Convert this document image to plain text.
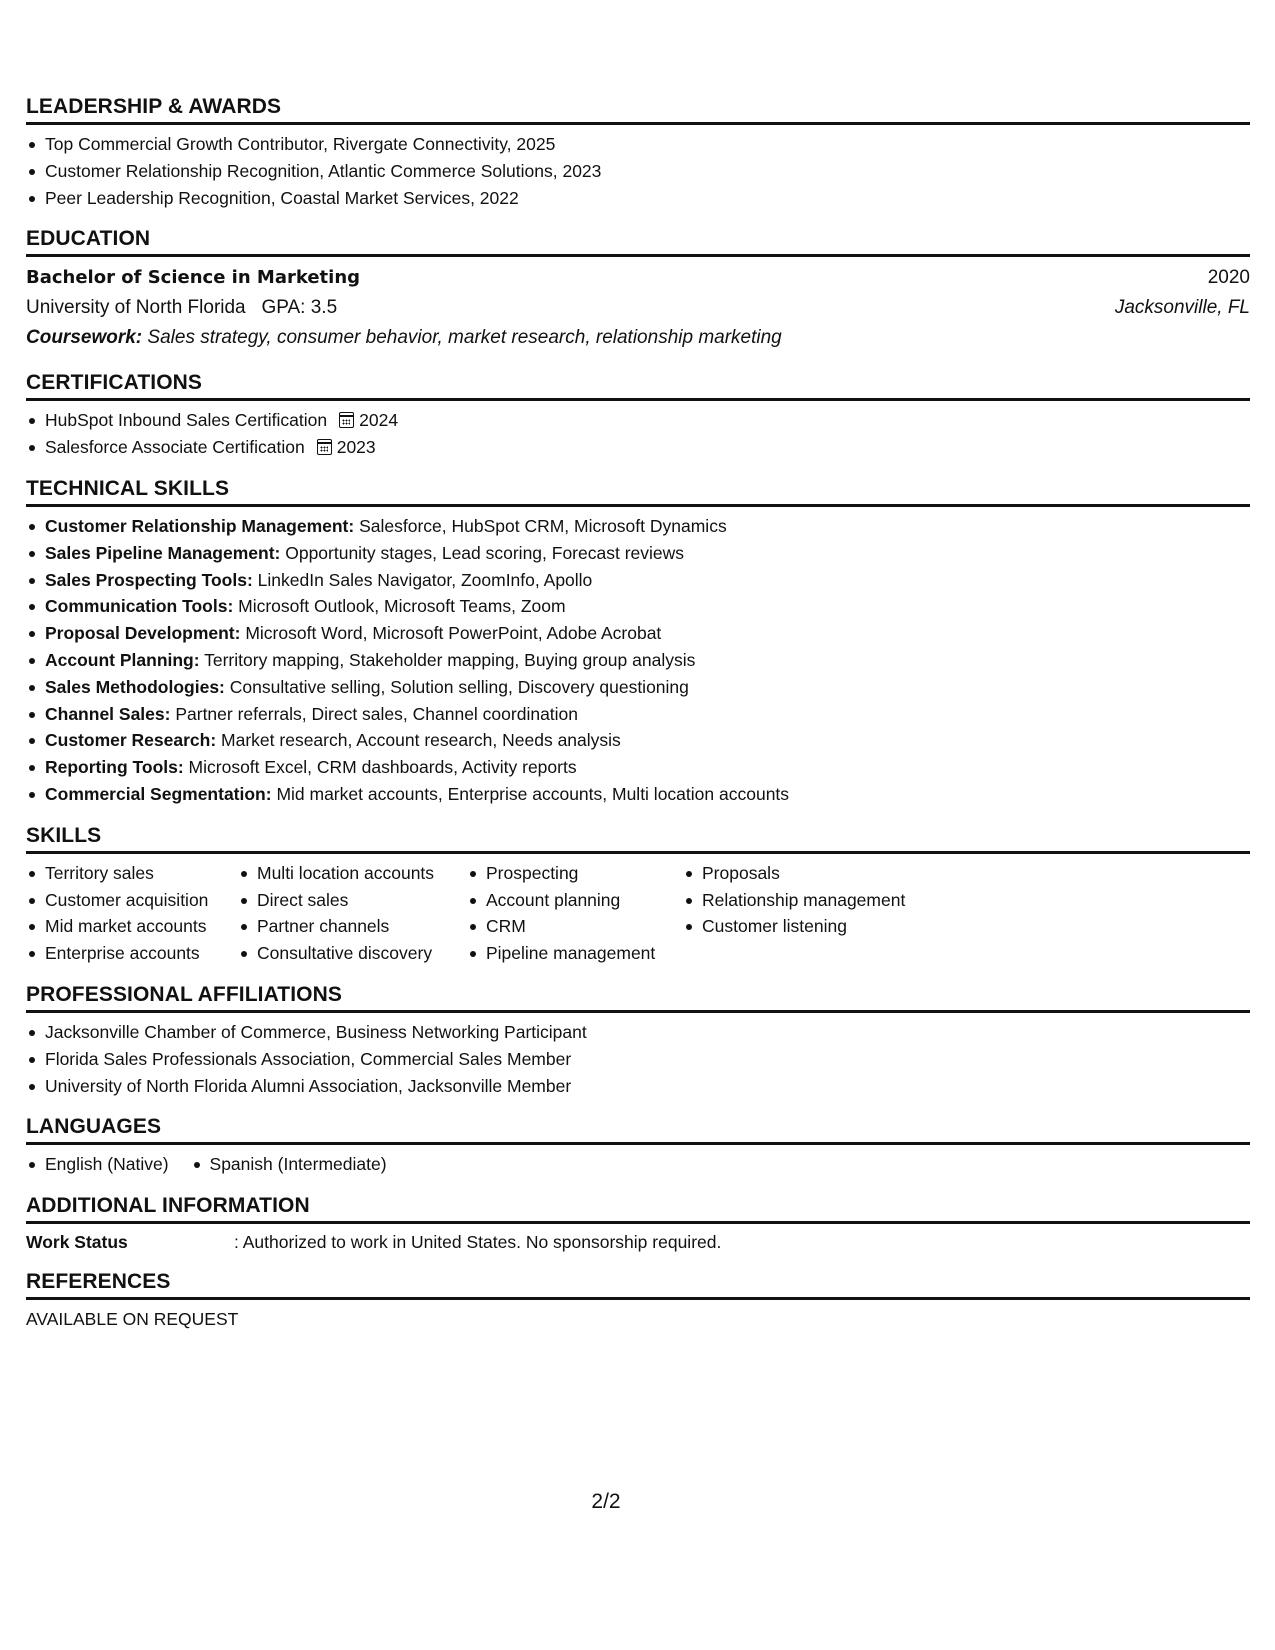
LEADERSHIP & AWARDS
Top Commercial Growth Contributor, Rivergate Connectivity, 2025
Customer Relationship Recognition, Atlantic Commerce Solutions, 2023
Peer Leadership Recognition, Coastal Market Services, 2022
EDUCATION
Bachelor of Science in Marketing	2020
University of North Florida   GPA: 3.5	Jacksonville, FL
Coursework: Sales strategy, consumer behavior, market research, relationship marketing
CERTIFICATIONS
HubSpot Inbound Sales Certification 2024
Salesforce Associate Certification 2023
TECHNICAL SKILLS
Customer Relationship Management: Salesforce, HubSpot CRM, Microsoft Dynamics
Sales Pipeline Management: Opportunity stages, Lead scoring, Forecast reviews
Sales Prospecting Tools: LinkedIn Sales Navigator, ZoomInfo, Apollo
Communication Tools: Microsoft Outlook, Microsoft Teams, Zoom
Proposal Development: Microsoft Word, Microsoft PowerPoint, Adobe Acrobat
Account Planning: Territory mapping, Stakeholder mapping, Buying group analysis
Sales Methodologies: Consultative selling, Solution selling, Discovery questioning
Channel Sales: Partner referrals, Direct sales, Channel coordination
Customer Research: Market research, Account research, Needs analysis
Reporting Tools: Microsoft Excel, CRM dashboards, Activity reports
Commercial Segmentation: Mid market accounts, Enterprise accounts, Multi location accounts
SKILLS
Territory sales
Customer acquisition
Mid market accounts
Enterprise accounts
Multi location accounts
Direct sales
Partner channels
Consultative discovery
Prospecting
Account planning
CRM
Pipeline management
Proposals
Relationship management
Customer listening
PROFESSIONAL AFFILIATIONS
Jacksonville Chamber of Commerce, Business Networking Participant
Florida Sales Professionals Association, Commercial Sales Member
University of North Florida Alumni Association, Jacksonville Member
LANGUAGES
English (Native)	Spanish (Intermediate)
ADDITIONAL INFORMATION
Work Status	: Authorized to work in United States. No sponsorship required.
REFERENCES
AVAILABLE ON REQUEST
2/2
